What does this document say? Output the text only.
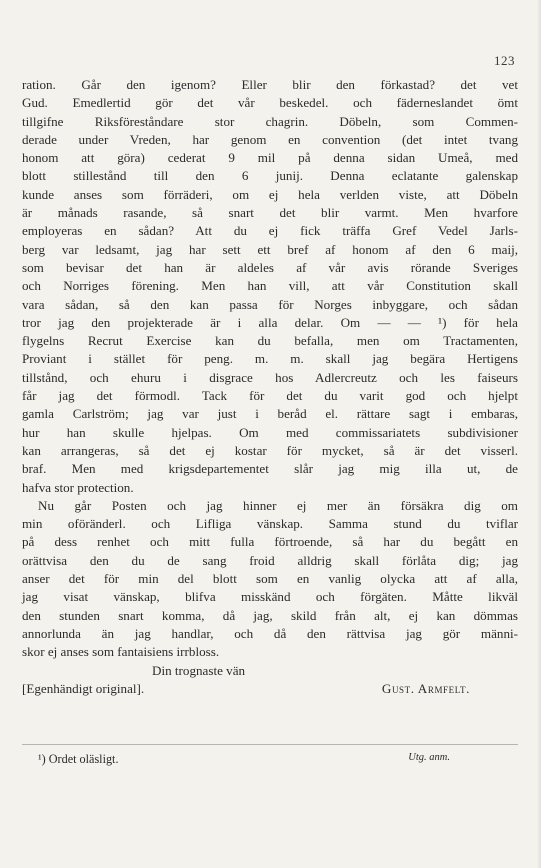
123
ration. Går den igenom? Eller blir den förkastad? det vet
Gud. Emedlertid gör det vår beskedel. och fäderneslandet ömt
tillgifne Riksföreståndare stor chagrin. Döbeln, som Commen-
derade under Vreden, har genom en convention (det intet tvang
honom att göra) cederat 9 mil på denna sidan Umeå, med
blott stillestånd till den 6 junij. Denna eclatante galenskap
kunde anses som förräderi, om ej hela verlden viste, att Döbeln
är månads rasande, så snart det blir varmt. Men hvarfore
employeras en sådan? Att du ej fick träffa Gref Vedel Jarls-
berg var ledsamt, jag har sett ett bref af honom af den 6 maij,
som bevisar det han är aldeles af vår avis rörande Sveriges
och Norriges förening. Men han vill, att vår Constitution skall
vara sådan, så den kan passa för Norges inbyggare, och sådan
tror jag den projekterade är i alla delar. Om — — ¹) för hela
flygelns Recrut Exercise kan du befalla, men om Tractamenten,
Proviant i stället för peng. m. m. skall jag begära Hertigens
tillstånd, och ehuru i disgrace hos Adlercreutz och les faiseurs
får jag det förmodl. Tack för det du varit god och hjelpt
gamla Carlström; jag var just i beråd el. rättare sagt i embaras,
hur han skulle hjelpas. Om med commissariatets subdivisioner
kan arrangeras, så det ej kostar för mycket, så är det visserl.
braf. Men med krigsdepartementet slår jag mig illa ut, de
hafva stor protection.
Nu går Posten och jag hinner ej mer än försäkra dig om
min oföränderl. och Lifliga vänskap. Samma stund du tviflar
på dess renhet och mitt fulla förtroende, så har du begått en
orättvisa den du de sang froid alldrig skall förlåta dig; jag
anser det för min del blott som en vanlig olycka att af alla,
jag visat vänskap, blifva misskänd och förgäten. Måtte likväl
den stunden snart komma, då jag, skild från alt, ej kan dömmas
annorlunda än jag handlar, och då den rättvisa jag gör männi-
skor ej anses som fantaisiens irrbloss.
Din trognaste vän
[Egenhändigt original].	Gust. Armfelt.
¹) Ordet oläsligt.	Utg. anm.
